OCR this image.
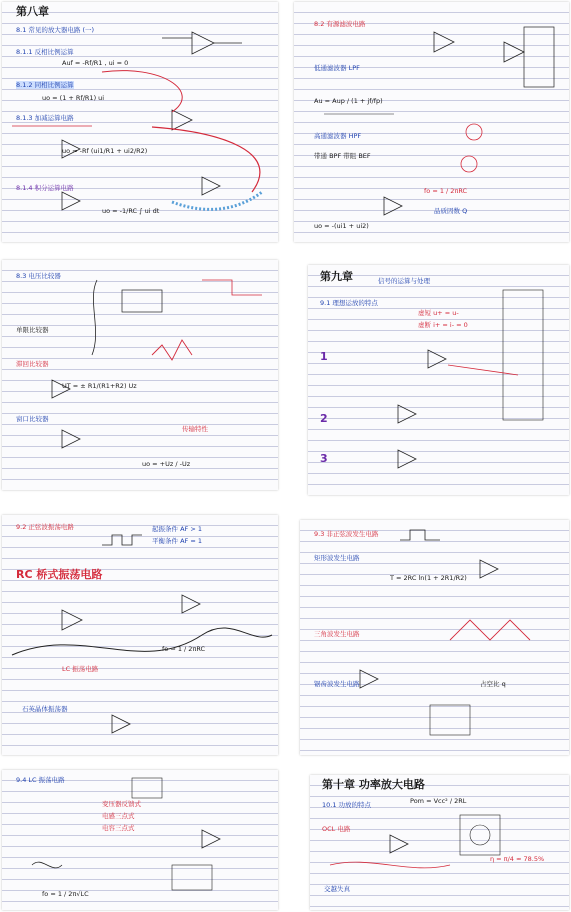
第八章
8.1 常见的放大器电路 (一)
8.1.1 反相比例运算
Auf = -Rf/R1 , ui = 0
8.1.2 同相比例运算
uo = (1 + Rf/R1) ui
8.1.3 加减运算电路
uo = -Rf (ui1/R1 + ui2/R2)
8.1.4 积分运算电路
uo = -1/RC ∫ ui dt
8.2 有源滤波电路
低通滤波器 LPF
Au = Aup / (1 + jf/fp)
高通滤波器 HPF
带通 BPF 带阻 BEF
fo = 1 / 2πRC
品质因数 Q
uo = -(ui1 + ui2)
8.3 电压比较器
单限比较器
滞回比较器
UT = ± R1/(R1+R2) Uz
窗口比较器
传输特性
uo = +Uz / -Uz
第九章	信号的运算与处理
9.1 理想运放的特点
虚短 u+ = u-
虚断 i+ = i- = 0
1
2
3
9.2 正弦波振荡电路	起振条件 AF > 1
平衡条件 AF = 1
RC 桥式振荡电路
fo = 1 / 2πRC
LC 振荡电路
石英晶体振荡器
9.3 非正弦波发生电路
矩形波发生电路
T = 2RC ln(1 + 2R1/R2)
三角波发生电路
锯齿波发生电路	占空比 q
9.4 LC 振荡电路
变压器反馈式
电感三点式
电容三点式
fo = 1 / 2π√LC
第十章 功率放大电路
10.1 功放的特点
OCL 电路
Pom = Vcc² / 2RL
η = π/4 ≈ 78.5%
交越失真
